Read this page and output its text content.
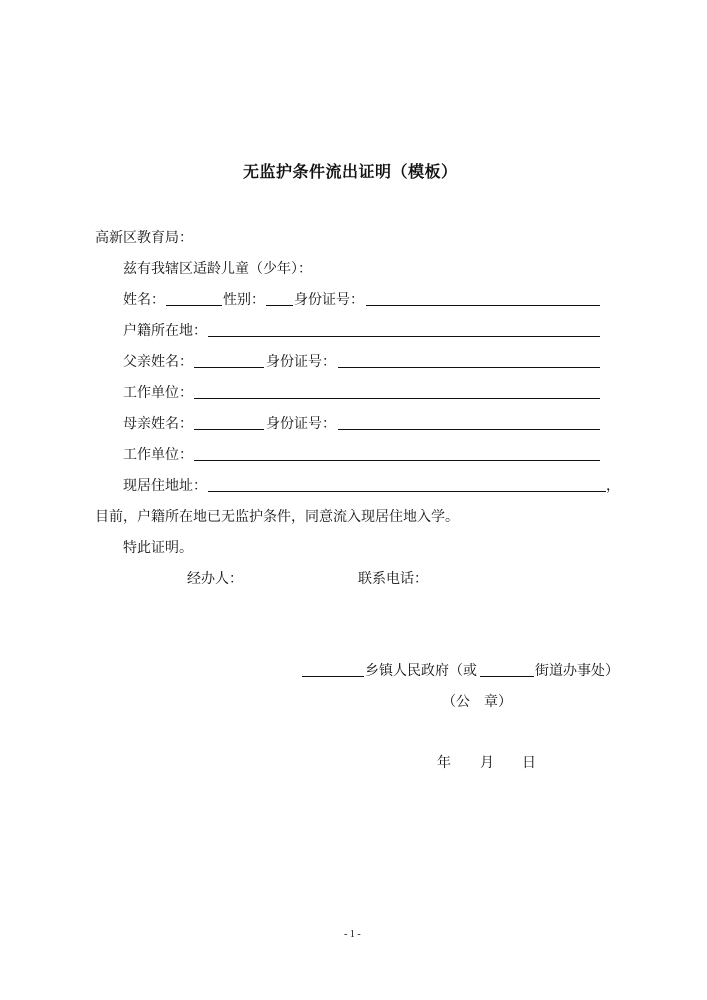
无监护条件流出证明（模板）
高新区教育局：
兹有我辖区适龄儿童（少年）：
姓名：	性别： 身份证号：
户籍所在地：
父亲姓名：	身份证号：
工作单位：
母亲姓名：	身份证号：
工作单位：
现居住地址：	，
目前，户籍所在地已无监护条件，同意流入现居住地入学。
特此证明。
经办人：	联系电话：
乡镇人民政府（或	街道办事处）
（公　章）
年 月 日
- 1 -
